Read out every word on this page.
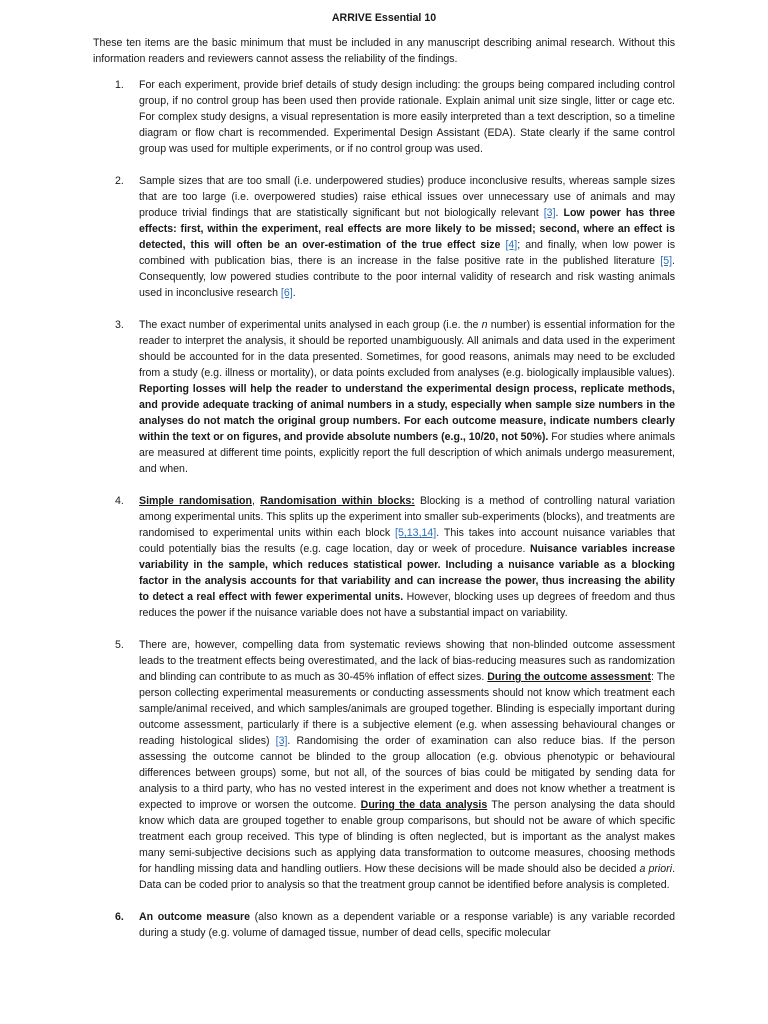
ARRIVE Essential 10

These ten items are the basic minimum that must be included in any manuscript describing animal research. Without this information readers and reviewers cannot assess the reliability of the findings.

1. For each experiment, provide brief details of study design including: the groups being compared including control group, if no control group has been used then provide rationale. Explain animal unit size single, litter or cage etc. For complex study designs, a visual representation is more easily interpreted than a text description, so a timeline diagram or flow chart is recommended. Experimental Design Assistant (EDA). State clearly if the same control group was used for multiple experiments, or if no control group was used.
2. Sample sizes that are too small (i.e. underpowered studies) produce inconclusive results, whereas sample sizes that are too large (i.e. overpowered studies) raise ethical issues over unnecessary use of animals and may produce trivial findings that are statistically significant but not biologically relevant [3]. Low power has three effects: first, within the experiment, real effects are more likely to be missed; second, where an effect is detected, this will often be an over-estimation of the true effect size [4]; and finally, when low power is combined with publication bias, there is an increase in the false positive rate in the published literature [5]. Consequently, low powered studies contribute to the poor internal validity of research and risk wasting animals used in inconclusive research [6].
3. The exact number of experimental units analysed in each group (i.e. the n number) is essential information for the reader to interpret the analysis, it should be reported unambiguously. All animals and data used in the experiment should be accounted for in the data presented. Sometimes, for good reasons, animals may need to be excluded from a study (e.g. illness or mortality), or data points excluded from analyses (e.g. biologically implausible values). Reporting losses will help the reader to understand the experimental design process, replicate methods, and provide adequate tracking of animal numbers in a study, especially when sample size numbers in the analyses do not match the original group numbers. For each outcome measure, indicate numbers clearly within the text or on figures, and provide absolute numbers (e.g., 10/20, not 50%). For studies where animals are measured at different time points, explicitly report the full description of which animals undergo measurement, and when.
4. Simple randomisation, Randomisation within blocks: Blocking is a method of controlling natural variation among experimental units. This splits up the experiment into smaller sub-experiments (blocks), and treatments are randomised to experimental units within each block [5,13,14]. This takes into account nuisance variables that could potentially bias the results (e.g. cage location, day or week of procedure. Nuisance variables increase variability in the sample, which reduces statistical power. Including a nuisance variable as a blocking factor in the analysis accounts for that variability and can increase the power, thus increasing the ability to detect a real effect with fewer experimental units. However, blocking uses up degrees of freedom and thus reduces the power if the nuisance variable does not have a substantial impact on variability.
5. There are, however, compelling data from systematic reviews showing that non-blinded outcome assessment leads to the treatment effects being overestimated, and the lack of bias-reducing measures such as randomization and blinding can contribute to as much as 30-45% inflation of effect sizes. During the outcome assessment: The person collecting experimental measurements or conducting assessments should not know which treatment each sample/animal received, and which samples/animals are grouped together. Blinding is especially important during outcome assessment, particularly if there is a subjective element (e.g. when assessing behavioural changes or reading histological slides) [3]. Randomising the order of examination can also reduce bias. If the person assessing the outcome cannot be blinded to the group allocation (e.g. obvious phenotypic or behavioural differences between groups) some, but not all, of the sources of bias could be mitigated by sending data for analysis to a third party, who has no vested interest in the experiment and does not know whether a treatment is expected to improve or worsen the outcome. During the data analysis The person analysing the data should know which data are grouped together to enable group comparisons, but should not be aware of which specific treatment each group received. This type of blinding is often neglected, but is important as the analyst makes many semi-subjective decisions such as applying data transformation to outcome measures, choosing methods for handling missing data and handling outliers. How these decisions will be made should also be decided a priori. Data can be coded prior to analysis so that the treatment group cannot be identified before analysis is completed.
6. An outcome measure (also known as a dependent variable or a response variable) is any variable recorded during a study (e.g. volume of damaged tissue, number of dead cells, specific molecular
